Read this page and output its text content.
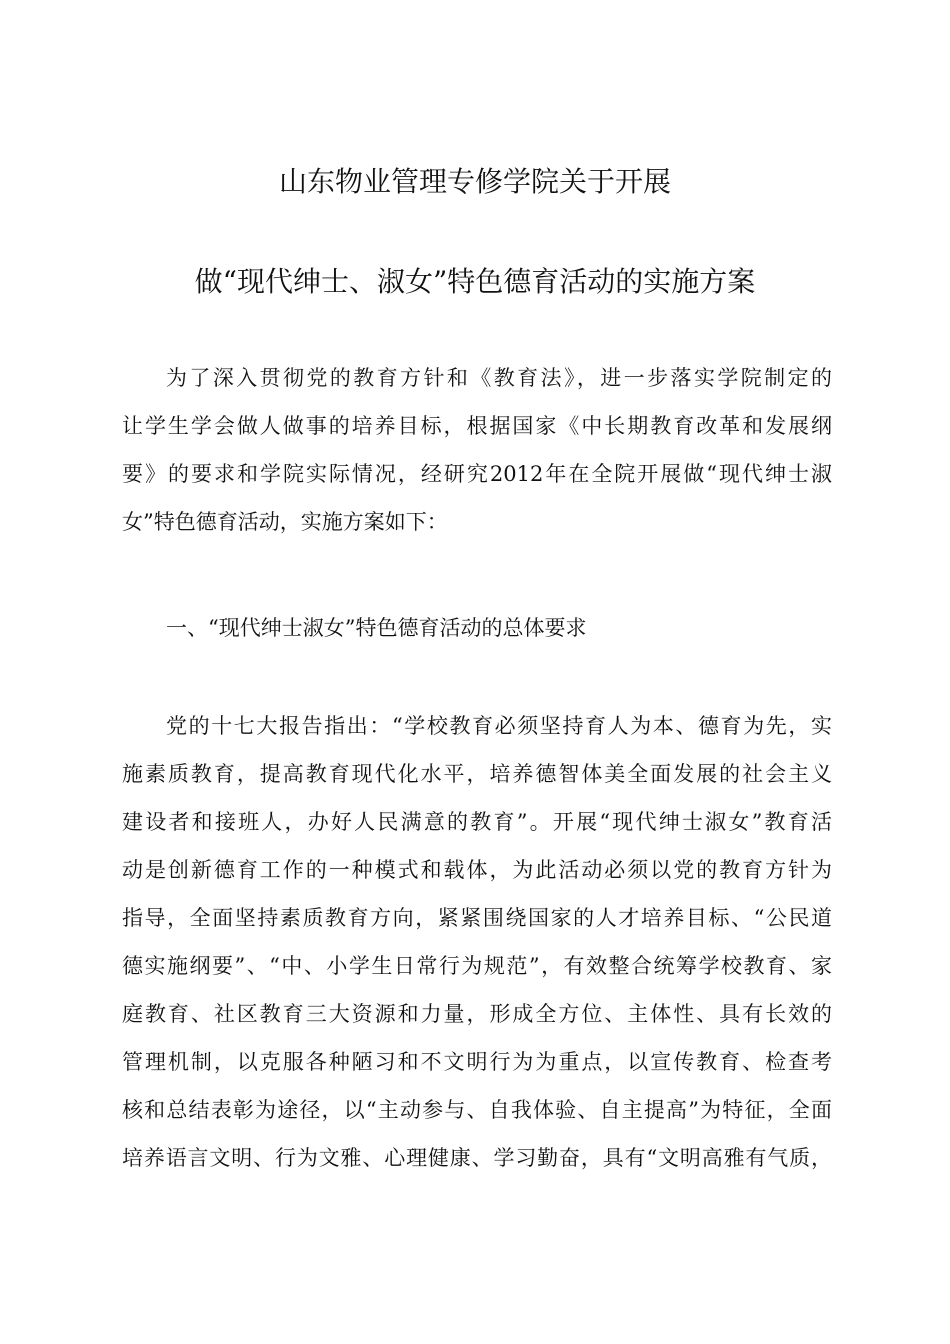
山东物业管理专修学院关于开展
做“现代绅士、淑女”特色德育活动的实施方案
为了深入贯彻党的教育方针和《教育法》，进一步落实学院制定的
让学生学会做人做事的培养目标，根据国家《中长期教育改革和发展纲
要》的要求和学院实际情况，经研究2012年在全院开展做“现代绅士淑
女”特色德育活动，实施方案如下：
一、“现代绅士淑女”特色德育活动的总体要求
党的十七大报告指出：“学校教育必须坚持育人为本、德育为先，实
施素质教育，提高教育现代化水平，培养德智体美全面发展的社会主义
建设者和接班人，办好人民满意的教育”。开展“现代绅士淑女”教育活
动是创新德育工作的一种模式和载体，为此活动必须以党的教育方针为
指导，全面坚持素质教育方向，紧紧围绕国家的人才培养目标、“公民道
德实施纲要”、“中、小学生日常行为规范”，有效整合统筹学校教育、家
庭教育、社区教育三大资源和力量，形成全方位、主体性、具有长效的
管理机制，以克服各种陋习和不文明行为为重点，以宣传教育、检查考
核和总结表彰为途径，以“主动参与、自我体验、自主提高”为特征，全面
培养语言文明、行为文雅、心理健康、学习勤奋，具有“文明高雅有气质，
